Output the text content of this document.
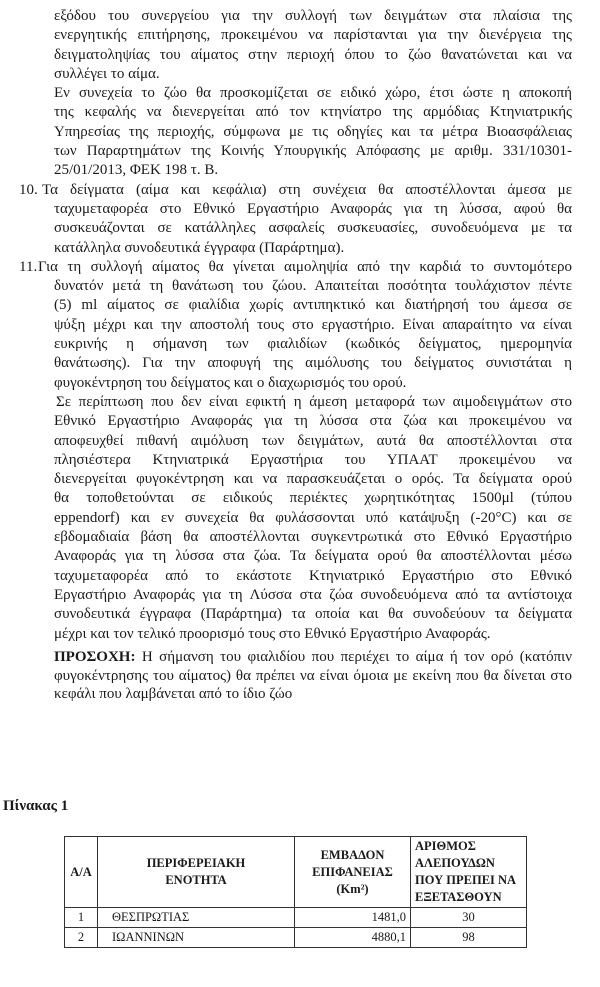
εξόδου του συνεργείου για την συλλογή των δειγμάτων στα πλαίσια της
ενεργητικής επιτήρησης, προκειμένου να παρίστανται για την διενέργεια της
δειγματοληψίας του αίματος στην περιοχή όπου το ζώο θανατώνεται και να
συλλέγει το αίμα.
Εν συνεχεία το ζώο θα προσκομίζεται σε ειδικό χώρο, έτσι ώστε η αποκοπή
της κεφαλής να διενεργείται από τον κτηνίατρο της αρμόδιας Κτηνιατρικής
Υπηρεσίας της περιοχής, σύμφωνα με τις οδηγίες και τα μέτρα Βιοασφάλειας
των Παραρτημάτων της Κοινής Υπουργικής Απόφασης με αριθμ. 331/10301-
25/01/2013, ΦΕΚ 198 τ. Β.
10. Τα δείγματα (αίμα και κεφάλια) στη συνέχεια θα αποστέλλονται άμεσα με
ταχυμεταφορέα στο Εθνικό Εργαστήριο Αναφοράς για τη λύσσα, αφού θα
συσκευάζονται σε κατάλληλες ασφαλείς συσκευασίες, συνοδευόμενα με τα
κατάλληλα συνοδευτικά έγγραφα (Παράρτημα).
11. Για τη συλλογή αίματος θα γίνεται αιμοληψία από την καρδιά το συντομότερο
δυνατόν μετά τη θανάτωση του ζώου. Απαιτείται ποσότητα τουλάχιστον πέντε
(5) ml αίματος σε φιαλίδια χωρίς αντιπηκτικό και διατήρησή του άμεσα σε
ψύξη μέχρι και την αποστολή τους στο εργαστήριο. Είναι απαραίτητο να είναι
ευκρινής η σήμανση των φιαλιδίων (κωδικός δείγματος, ημερομηνία
θανάτωσης). Για την αποφυγή της αιμόλυσης του δείγματος συνιστάται η
φυγοκέντρηση του δείγματος και ο διαχωρισμός του ορού.
Σε περίπτωση που δεν είναι εφικτή η άμεση μεταφορά των αιμοδειγμάτων στο
Εθνικό Εργαστήριο Αναφοράς για τη λύσσα στα ζώα και προκειμένου να
αποφευχθεί πιθανή αιμόλυση των δειγμάτων, αυτά θα αποστέλλονται στα
πλησιέστερα Κτηνιατρικά Εργαστήρια του ΥΠΑΑΤ προκειμένου να
διενεργείται φυγοκέντρηση και να παρασκευάζεται ο ορός. Τα δείγματα ορού
θα τοποθετούνται σε ειδικούς περιέκτες χωρητικότητας 1500μl (τύπου
eppendorf) και εν συνεχεία θα φυλάσσονται υπό κατάψυξη (-20°C) και σε
εβδομαδιαία βάση θα αποστέλλονται συγκεντρωτικά στο Εθνικό Εργαστήριο
Αναφοράς για τη λύσσα στα ζώα. Τα δείγματα ορού θα αποστέλλονται μέσω
ταχυμεταφορέα από το εκάστοτε Κτηνιατρικό Εργαστήριο στο Εθνικό
Εργαστήριο Αναφοράς για τη Λύσσα στα ζώα συνοδευόμενα από τα αντίστοιχα
συνοδευτικά έγγραφα (Παράρτημα) τα οποία και θα συνοδεύουν τα δείγματα
μέχρι και τον τελικό προορισμό τους στο Εθνικό Εργαστήριο Αναφοράς.
ΠΡΟΣΟΧΗ: Η σήμανση του φιαλιδίου που περιέχει το αίμα ή τον ορό (κατόπιν φυγοκέντρησης του αίματος) θα πρέπει να είναι όμοια με εκείνη που θα δίνεται στο κεφάλι που λαμβάνεται από το ίδιο ζώο
Πίνακας 1
Α/Α	ΠΕΡΙΦΕΡΕΙΑΚΗ ΕΝΟΤΗΤΑ	ΕΜΒΑΔΟΝ ΕΠΙΦΑΝΕΙΑΣ (Km²)	ΑΡΙΘΜΟΣ ΑΛΕΠΟΥΔΩΝ ΠΟΥ ΠΡΕΠΕΙ ΝΑ ΕΞΕΤΑΣΘΟΥΝ
1	ΘΕΣΠΡΩΤΙΑΣ	1481,0	30
2	ΙΩΑΝΝΙΝΩΝ	4880,1	98
